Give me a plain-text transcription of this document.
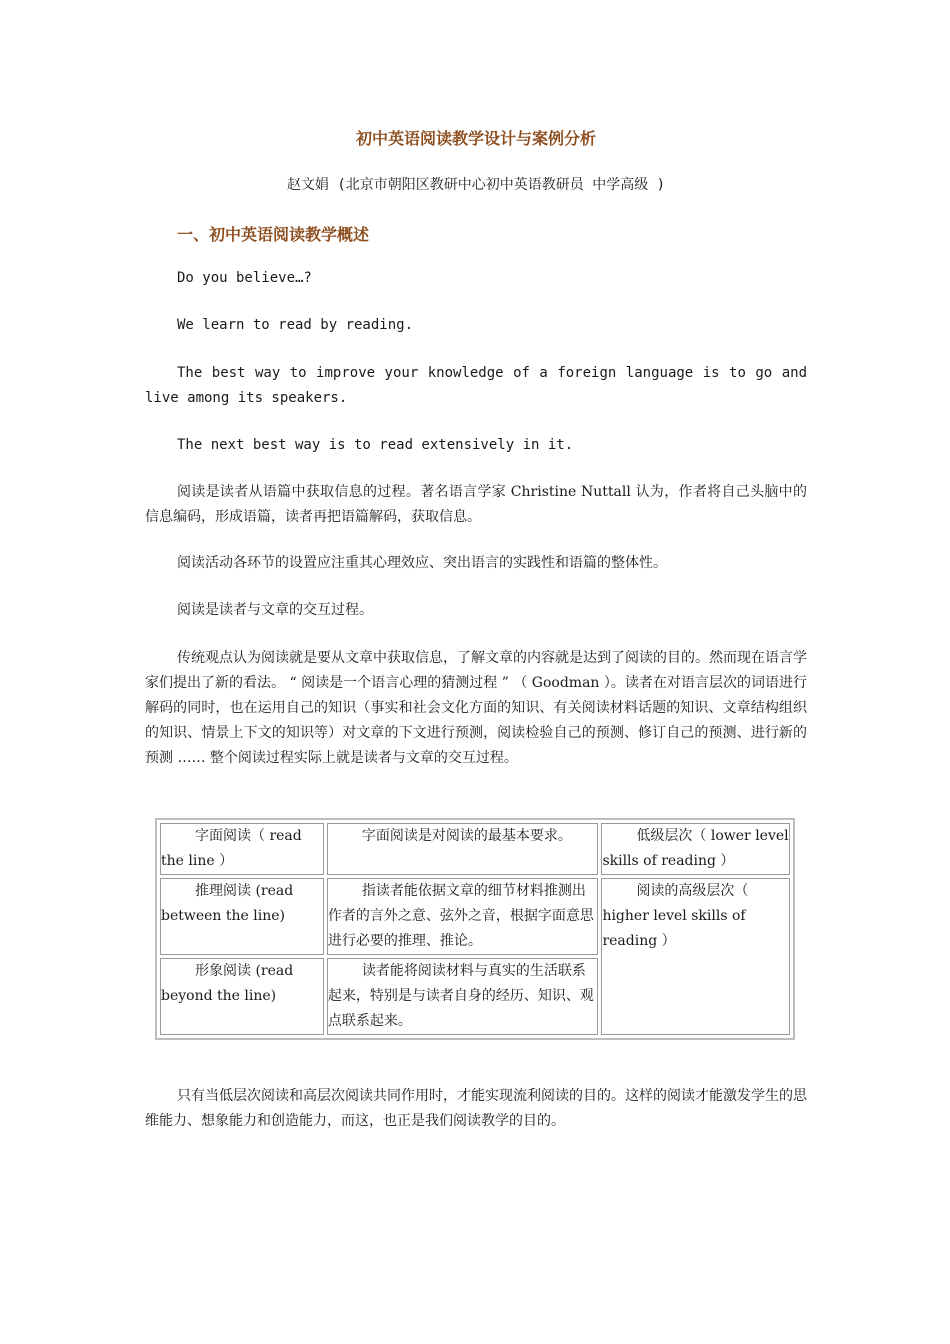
初中英语阅读教学设计与案例分析
赵文娟 (北京市朝阳区教研中心初中英语教研员 中学高级 )
一、初中英语阅读教学概述
Do you believe…?
We learn to read by reading.
The best way to improve your knowledge of a foreign language is to go and live among its speakers.
The next best way is to read extensively in it.
阅读是读者从语篇中获取信息的过程。著名语言学家 Christine Nuttall 认为，作者将自己头脑中的信息编码，形成语篇，读者再把语篇解码，获取信息。
阅读活动各环节的设置应注重其心理效应、突出语言的实践性和语篇的整体性。
阅读是读者与文章的交互过程。
传统观点认为阅读就是要从文章中获取信息，了解文章的内容就是达到了阅读的目的。然而现在语言学家们提出了新的看法。 “ 阅读是一个语言心理的猜测过程 ” （ Goodman ）。读者在对语言层次的词语进行解码的同时，也在运用自己的知识（事实和社会文化方面的知识、有关阅读材料话题的知识、文章结构组织的知识、情景上下文的知识等）对文章的下文进行预测，阅读检验自己的预测、修订自己的预测、进行新的预测 …… 整个阅读过程实际上就是读者与文章的交互过程。
字面阅读（ read the line ）	字面阅读是对阅读的最基本要求。	低级层次（ lower level skills of reading ）
推理阅读 (read between the line)	指读者能依据文章的细节材料推测出作者的言外之意、弦外之音，根据字面意思进行必要的推理、推论。	阅读的高级层次（ higher level skills of reading ）
形象阅读 (read beyond the line)	读者能将阅读材料与真实的生活联系起来，特别是与读者自身的经历、知识、观点联系起来。	
只有当低层次阅读和高层次阅读共同作用时，才能实现流利阅读的目的。这样的阅读才能激发学生的思维能力、想象能力和创造能力，而这，也正是我们阅读教学的目的。
